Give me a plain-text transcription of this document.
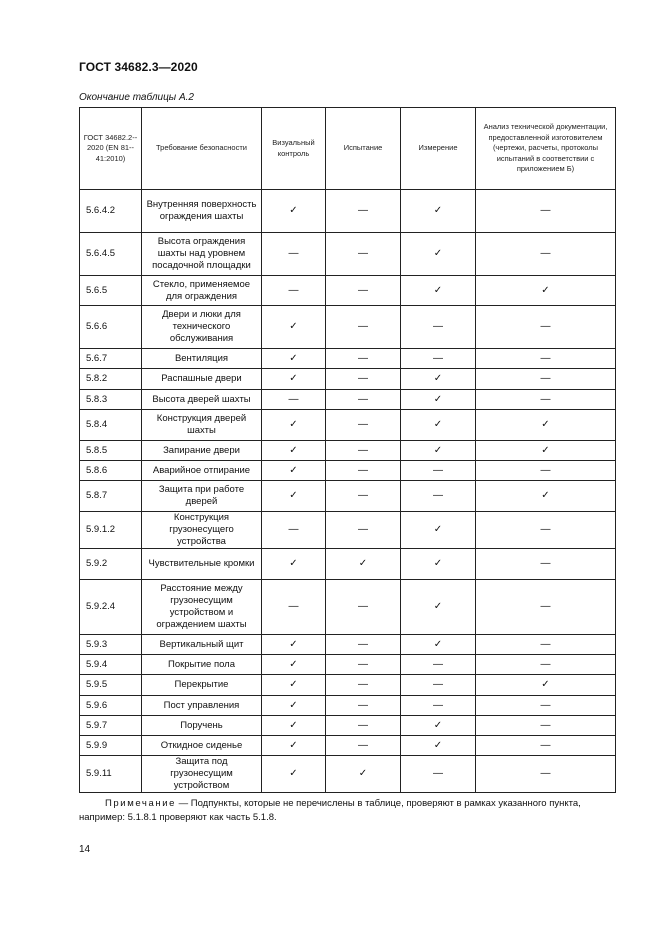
ГОСТ 34682.3—2020
Окончание таблицы А.2
ГОСТ 34682.2-2020 (EN 81-41:2010)	Требование безопасности	Визуальный контроль	Испытание	Измерение	Анализ технической документации, предоставленной изготовителем (чертежи, расчеты, протоколы испытаний в соответствии с приложением Б)
5.6.4.2	Внутренняя поверхность ограждения шахты	✓	—	✓	—
5.6.4.5	Высота ограждения шахты над уровнем посадочной площадки	—	—	✓	—
5.6.5	Стекло, применяемое для ограждения	—	—	✓	✓
5.6.6	Двери и люки для технического обслуживания	✓	—	—	—
5.6.7	Вентиляция	✓	—	—	—
5.8.2	Распашные двери	✓	—	✓	—
5.8.3	Высота дверей шахты	—	—	✓	—
5.8.4	Конструкция дверей шахты	✓	—	✓	✓
5.8.5	Запирание двери	✓	—	✓	✓
5.8.6	Аварийное отпирание	✓	—	—	—
5.8.7	Защита при работе дверей	✓	—	—	✓
5.9.1.2	Конструкция грузонесущего устройства	—	—	✓	—
5.9.2	Чувствительные кромки	✓	✓	✓	—
5.9.2.4	Расстояние между грузонесущим устройством и ограждением шахты	—	—	✓	—
5.9.3	Вертикальный щит	✓	—	✓	—
5.9.4	Покрытие пола	✓	—	—	—
5.9.5	Перекрытие	✓	—	—	✓
5.9.6	Пост управления	✓	—	—	—
5.9.7	Поручень	✓	—	✓	—
5.9.9	Откидное сиденье	✓	—	✓	—
5.9.11	Защита под грузонесущим устройством	✓	✓	—	—
Примечание — Подпункты, которые не перечислены в таблице, проверяют в рамках указанного пункта, например: 5.1.8.1 проверяют как часть 5.1.8.
14
